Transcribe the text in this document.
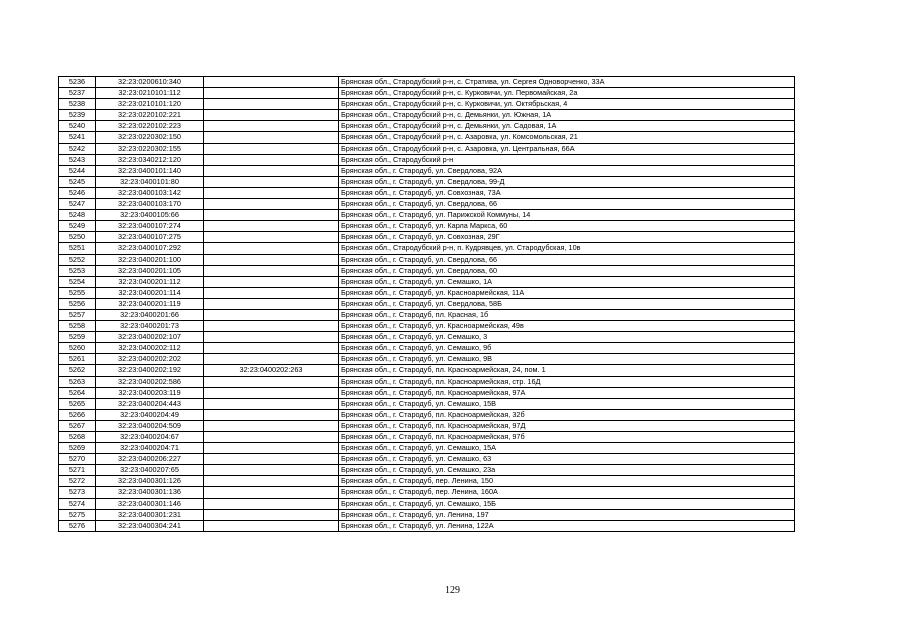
5236	32:23:0200610:340		Брянская обл., Стародубский р-н, с. Стратива, ул. Сергея Одноворченко, 33А
5237	32:23:0210101:112		Брянская обл., Стародубский р-н, с. Курковичи, ул. Первомайская, 2а
5238	32:23:0210101:120		Брянская обл., Стародубский р-н, с. Курковичи, ул. Октябрьская, 4
5239	32:23:0220102:221		Брянская обл., Стародубский р-н, с. Демьянки, ул. Южная, 1А
5240	32:23:0220102:223		Брянская обл., Стародубский р-н, с. Демьянки, ул. Садовая, 1А
5241	32:23:0220302:150		Брянская обл., Стародубский р-н, с. Азаровка, ул. Комсомольская, 21
5242	32:23:0220302:155		Брянская обл., Стародубский р-н, с. Азаровка, ул. Центральная, 66А
5243	32:23:0340212:120		Брянская обл., Стародубский р-н
5244	32:23:0400101:140		Брянская обл., г. Стародуб, ул. Свердлова, 92А
5245	32:23:0400101:80		Брянская обл., г. Стародуб, ул. Свердлова, 99-Д
5246	32:23:0400103:142		Брянская обл., г. Стародуб, ул. Совхозная, 73А
5247	32:23:0400103:170		Брянская обл., г. Стародуб, ул. Свердлова, 66
5248	32:23:0400105:66		Брянская обл., г. Стародуб, ул. Парижской Коммуны, 14
5249	32:23:0400107:274		Брянская обл., г. Стародуб, ул. Карла Маркса, 60
5250	32:23:0400107:275		Брянская обл., г. Стародуб, ул. Совхозная, 29Г
5251	32:23:0400107:292		Брянская обл., Стародубский р-н, п. Кудрявцев, ул. Стародубская, 10в
5252	32:23:0400201:100		Брянская обл., г. Стародуб, ул. Свердлова, 66
5253	32:23:0400201:105		Брянская обл., г. Стародуб, ул. Свердлова, 60
5254	32:23:0400201:112		Брянская обл., г. Стародуб, ул. Семашко, 1А
5255	32:23:0400201:114		Брянская обл., г. Стародуб, ул. Красноармейская, 11А
5256	32:23:0400201:119		Брянская обл., г. Стародуб, ул. Свердлова, 58Б
5257	32:23:0400201:66		Брянская обл., г. Стародуб, пл. Красная, 1б
5258	32:23:0400201:73		Брянская обл., г. Стародуб, ул. Красноармейская, 49в
5259	32:23:0400202:107		Брянская обл., г. Стародуб, ул. Семашко, 3
5260	32:23:0400202:112		Брянская обл., г. Стародуб, ул. Семашко, 9б
5261	32:23:0400202:202		Брянская обл., г. Стародуб, ул. Семашко, 9В
5262	32:23:0400202:192	32:23:0400202:263	Брянская обл., г. Стародуб, пл. Красноармейская, 24, пом. 1
5263	32:23:0400202:586		Брянская обл., г. Стародуб, пл. Красноармейская, стр. 16Д
5264	32:23:0400203:119		Брянская обл., г. Стародуб, пл. Красноармейская, 97А
5265	32:23:0400204:443		Брянская обл., г. Стародуб, ул. Семашко, 15В
5266	32:23:0400204:49		Брянская обл., г. Стародуб, пл. Красноармейская, 32б
5267	32:23:0400204:509		Брянская обл., г. Стародуб, пл. Красноармейская, 97Д
5268	32:23:0400204:67		Брянская обл., г. Стародуб, пл. Красноармейская, 97б
5269	32:23:0400204:71		Брянская обл., г. Стародуб, ул. Семашко, 15А
5270	32:23:0400206:227		Брянская обл., г. Стародуб, ул. Семашко, 63
5271	32:23:0400207:65		Брянская обл., г. Стародуб, ул. Семашко, 23а
5272	32:23:0400301:126		Брянская обл., г. Стародуб, пер. Ленина, 150
5273	32:23:0400301:136		Брянская обл., г. Стародуб, пер. Ленина, 160А
5274	32:23:0400301:146		Брянская обл., г. Стародуб, ул. Семашко, 15Б
5275	32:23:0400301:231		Брянская обл., г. Стародуб, ул. Ленина, 197
5276	32:23:0400304:241		Брянская обл., г. Стародуб, ул. Ленина, 122А
129
